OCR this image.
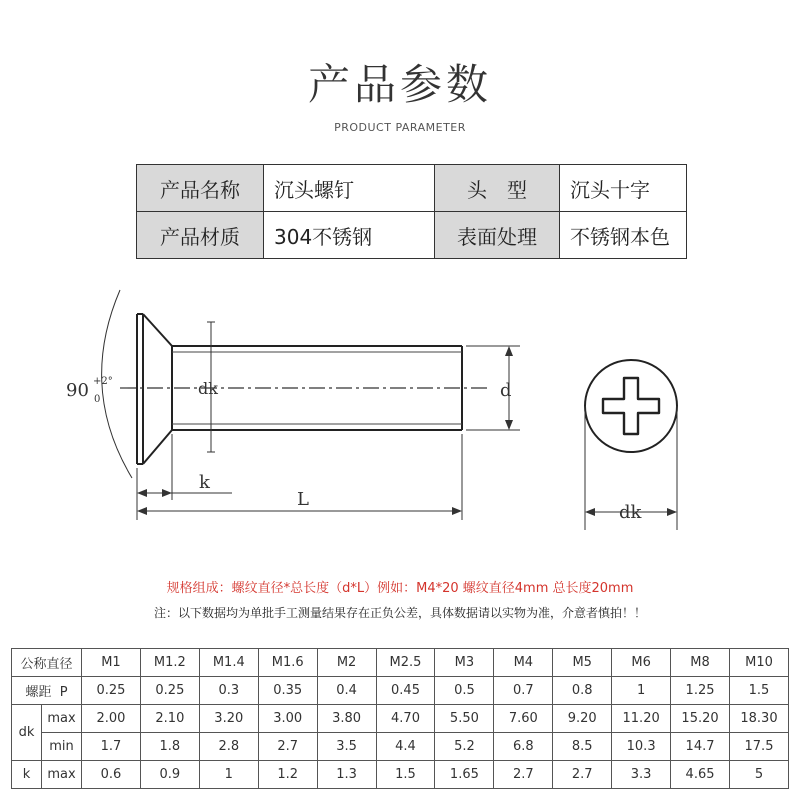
产品参数
PRODUCT PARAMETER
产品名称	沉头螺钉	头　型	沉头十字
产品材质	304不锈钢	表面处理	不锈钢本色
90 +2°
0
dk	d
k
L
dk
规格组成：螺纹直径*总长度（d*L）例如：M4*20 螺纹直径4mm 总长度20mm
注：以下数据均为单批手工测量结果存在正负公差，具体数据请以实物为准，介意者慎拍！！
公称直径		M1	M1.2	M1.4	M1.6	M2	M2.5	M3	M4	M5	M6	M8	M10
螺距 P		0.25	0.25	0.3	0.35	0.4	0.45	0.5	0.7	0.8	1	1.25	1.5
dk	max	2.00	2.10	3.20	3.00	3.80	4.70	5.50	7.60	9.20	11.20	15.20	18.30
	min	1.7	1.8	2.8	2.7	3.5	4.4	5.2	6.8	8.5	10.3	14.7	17.5
k	max	0.6	0.9	1	1.2	1.3	1.5	1.65	2.7	2.7	3.3	4.65	5
